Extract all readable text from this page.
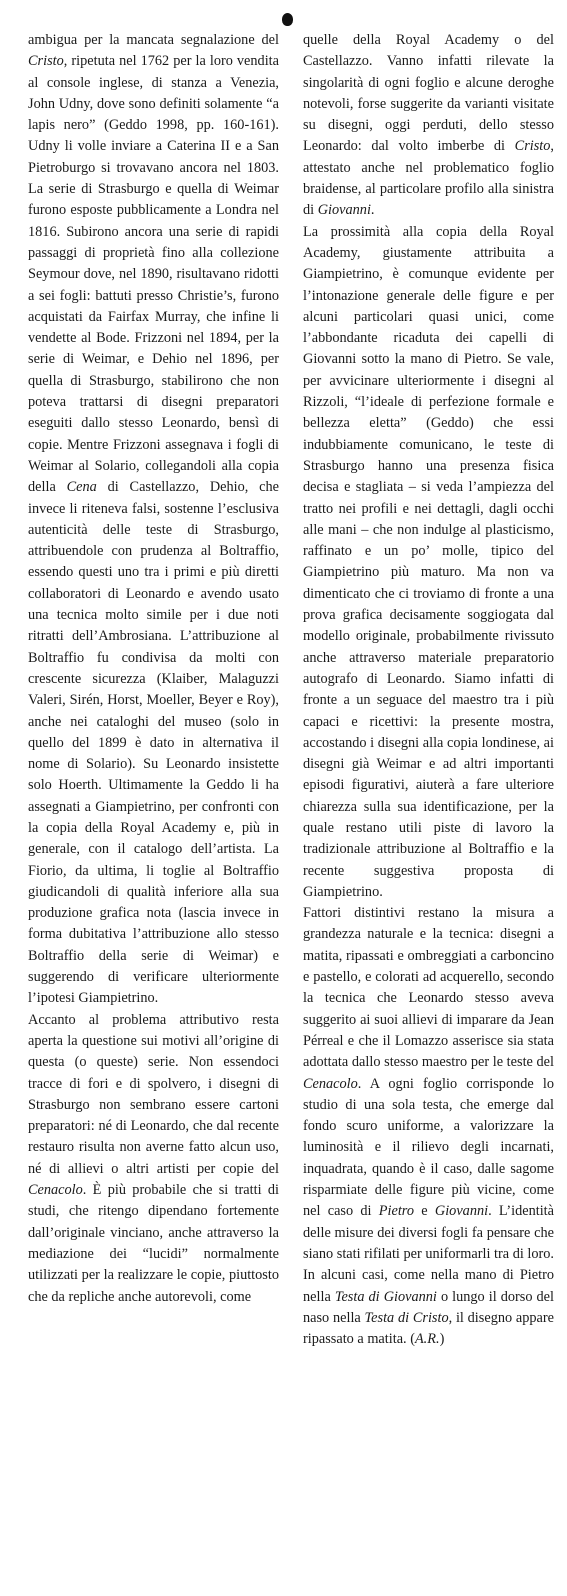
ambigua per la mancata segnalazione del Cristo, ripetuta nel 1762 per la loro vendita al console inglese, di stanza a Venezia, John Udny, dove sono definiti solamente “a lapis nero” (Geddo 1998, pp. 160-161). Udny li volle inviare a Caterina II e a San Pietroburgo si trovavano ancora nel 1803. La serie di Strasburgo e quella di Weimar furono esposte pubblicamente a Londra nel 1816. Subirono ancora una serie di rapidi passaggi di proprietà fino alla collezione Seymour dove, nel 1890, risultavano ridotti a sei fogli: battuti presso Christie’s, furono acquistati da Fairfax Murray, che infine li vendette al Bode. Frizzoni nel 1894, per la serie di Weimar, e Dehio nel 1896, per quella di Strasburgo, stabilirono che non poteva trattarsi di disegni preparatori eseguiti dallo stesso Leonardo, bensì di copie. Mentre Frizzoni assegnava i fogli di Weimar al Solario, collegandoli alla copia della Cena di Castellazzo, Dehio, che invece li riteneva falsi, sostenne l’esclusiva autenticità delle teste di Strasburgo, attribuendole con prudenza al Boltraffio, essendo questi uno tra i primi e più diretti collaboratori di Leonardo e avendo usato una tecnica molto simile per i due noti ritratti dell’Ambrosiana. L’attribuzione al Boltraffio fu condivisa da molti con crescente sicurezza (Klaiber, Malaguzzi Valeri, Sirén, Horst, Moeller, Beyer e Roy), anche nei cataloghi del museo (solo in quello del 1899 è dato in alternativa il nome di Solario). Su Leonardo insistette solo Hoerth. Ultimamente la Geddo li ha assegnati a Giampietrino, per confronti con la copia della Royal Academy e, più in generale, con il catalogo dell’artista. La Fiorio, da ultima, li toglie al Boltraffio giudicandoli di qualità inferiore alla sua produzione grafica nota (lascia invece in forma dubitativa l’attribuzione allo stesso Boltraffio della serie di Weimar) e suggerendo di verificare ulteriormente l’ipotesi Giampietrino.

Accanto al problema attributivo resta aperta la questione sui motivi all’origine di questa (o queste) serie. Non essendoci tracce di fori e di spolvero, i disegni di Strasburgo non sembrano essere cartoni preparatori: né di Leonardo, che dal recente restauro risulta non averne fatto alcun uso, né di allievi o altri artisti per copie del Cenacolo. È più probabile che si tratti di studi, che ritengo dipendano fortemente dall’originale vinciano, anche attraverso la mediazione dei “lucidi” normalmente utilizzati per la realizzare le copie, piuttosto che da repliche anche autorevoli, come

quelle della Royal Academy o del Castellazzo. Vanno infatti rilevate la singolarità di ogni foglio e alcune deroghe notevoli, forse suggerite da varianti visitate su disegni, oggi perduti, dello stesso Leonardo: dal volto imberbe di Cristo, attestato anche nel problematico foglio braidense, al particolare profilo alla sinistra di Giovanni.

La prossimità alla copia della Royal Academy, giustamente attribuita a Giampietrino, è comunque evidente per l’intonazione generale delle figure e per alcuni particolari quasi unici, come l’abbondante ricaduta dei capelli di Giovanni sotto la mano di Pietro. Se vale, per avvicinare ulteriormente i disegni al Rizzoli, “l’ideale di perfezione formale e bellezza eletta” (Geddo) che essi indubbiamente comunicano, le teste di Strasburgo hanno una presenza fisica decisa e stagliata – si veda l’ampiezza del tratto nei profili e nei dettagli, dagli occhi alle mani – che non indulge al plasticismo, raffinato e un po’ molle, tipico del Giampietrino più maturo. Ma non va dimenticato che ci troviamo di fronte a una prova grafica decisamente soggiogata dal modello originale, probabilmente rivissuto anche attraverso materiale preparatorio autografo di Leonardo. Siamo infatti di fronte a un seguace del maestro tra i più capaci e ricettivi: la presente mostra, accostando i disegni alla copia londinese, ai disegni già Weimar e ad altri importanti episodi figurativi, aiuterà a fare ulteriore chiarezza sulla sua identificazione, per la quale restano utili piste di lavoro la tradizionale attribuzione al Boltraffio e la recente suggestiva proposta di Giampietrino.

Fattori distintivi restano la misura a grandezza naturale e la tecnica: disegni a matita, ripassati e ombreggiati a carboncino e pastello, e colorati ad acquerello, secondo la tecnica che Leonardo stesso aveva suggerito ai suoi allievi di imparare da Jean Pérreal e che il Lomazzo asserisce sia stata adottata dallo stesso maestro per le teste del Cenacolo. A ogni foglio corrisponde lo studio di una sola testa, che emerge dal fondo scuro uniforme, a valorizzare la luminosità e il rilievo degli incarnati, inquadrata, quando è il caso, dalle sagome risparmiate delle figure più vicine, come nel caso di Pietro e Giovanni. L’identità delle misure dei diversi fogli fa pensare che siano stati rifilati per uniformarli tra di loro. In alcuni casi, come nella mano di Pietro nella Testa di Giovanni o lungo il dorso del naso nella Testa di Cristo, il disegno appare ripassato a matita. (A.R.)
